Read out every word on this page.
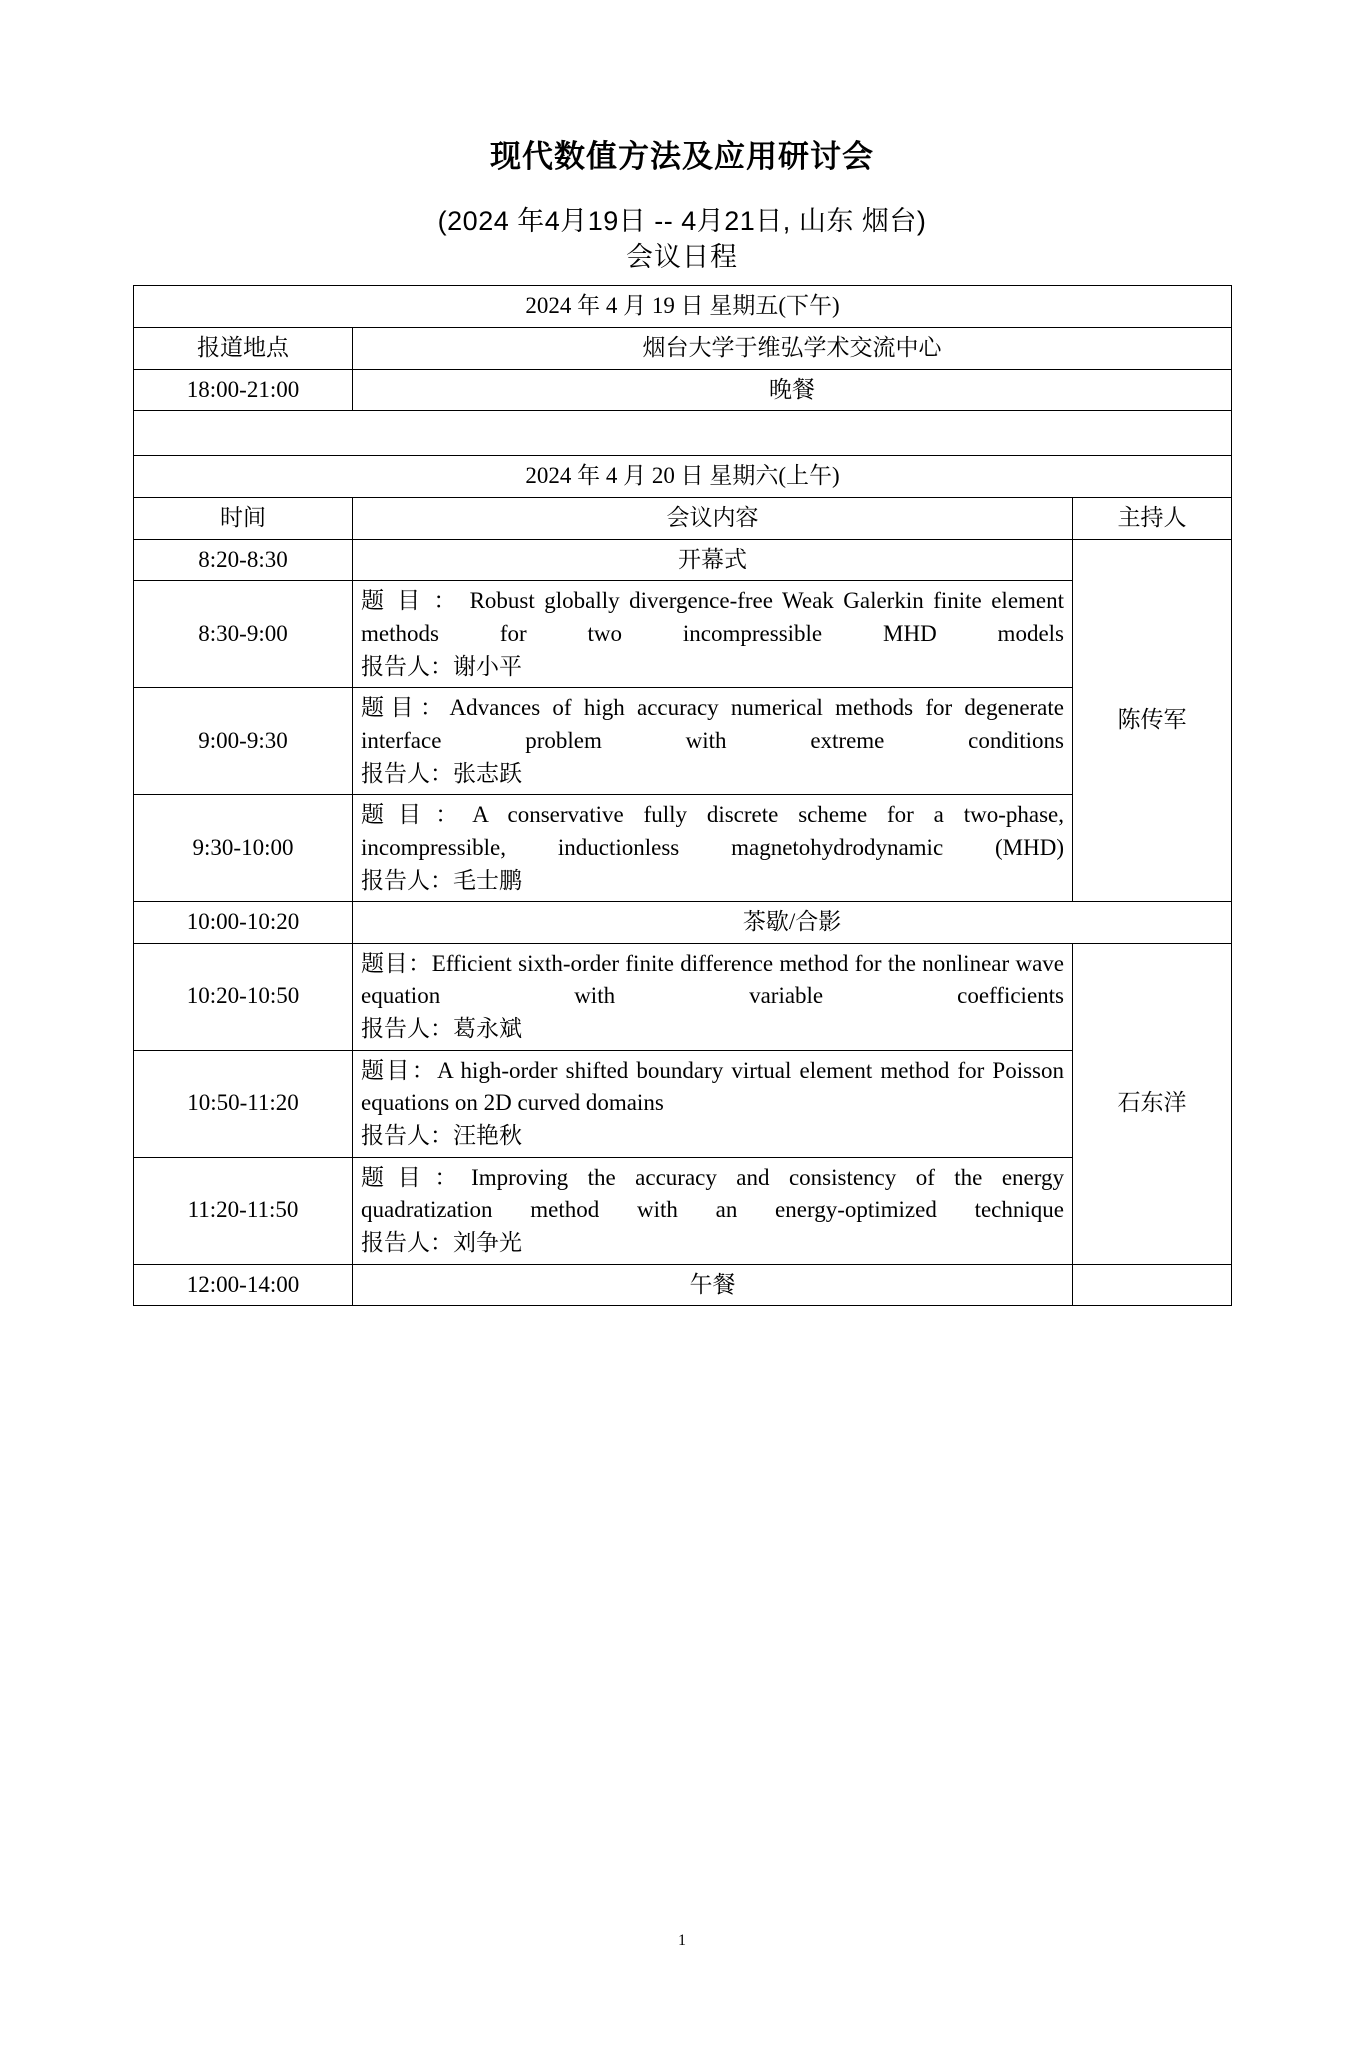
现代数值方法及应用研讨会
(2024 年4月19日 -- 4月21日, 山东 烟台)
会议日程
2024 年 4 月 19 日 星期五(下午)		
报道地点	烟台大学于维弘学术交流中心	
18:00-21:00	晚餐	

2024 年 4 月 20 日 星期六(上午)		
时间	会议内容	主持人
8:20-8:30	开幕式	陈传军
8:30-9:00	题 目 ： Robust globally divergence-free Weak Galerkin finite element methods for two incompressible MHD models

报告人：谢小平	

9:00-9:30	题目：Advances of high accuracy numerical methods for degenerate interface problem with extreme conditions

报告人：张志跃	

9:30-10:00	题目：A conservative fully discrete scheme for a two-phase, incompressible, inductionless magnetohydrodynamic (MHD)

报告人：毛士鹏	

10:00-10:20	茶歇/合影	
10:20-10:50	题目：Efficient sixth-order finite difference method for the nonlinear wave equation with variable coefficients

报告人：葛永斌	石东洋
10:50-11:20	题目：A high-order shifted boundary virtual element method for Poisson equations on 2D curved domains

报告人：汪艳秋	

11:20-11:50	题目：Improving the accuracy and consistency of the energy quadratization method with an energy-optimized technique

报告人：刘争光	

12:00-14:00	午餐	
1
